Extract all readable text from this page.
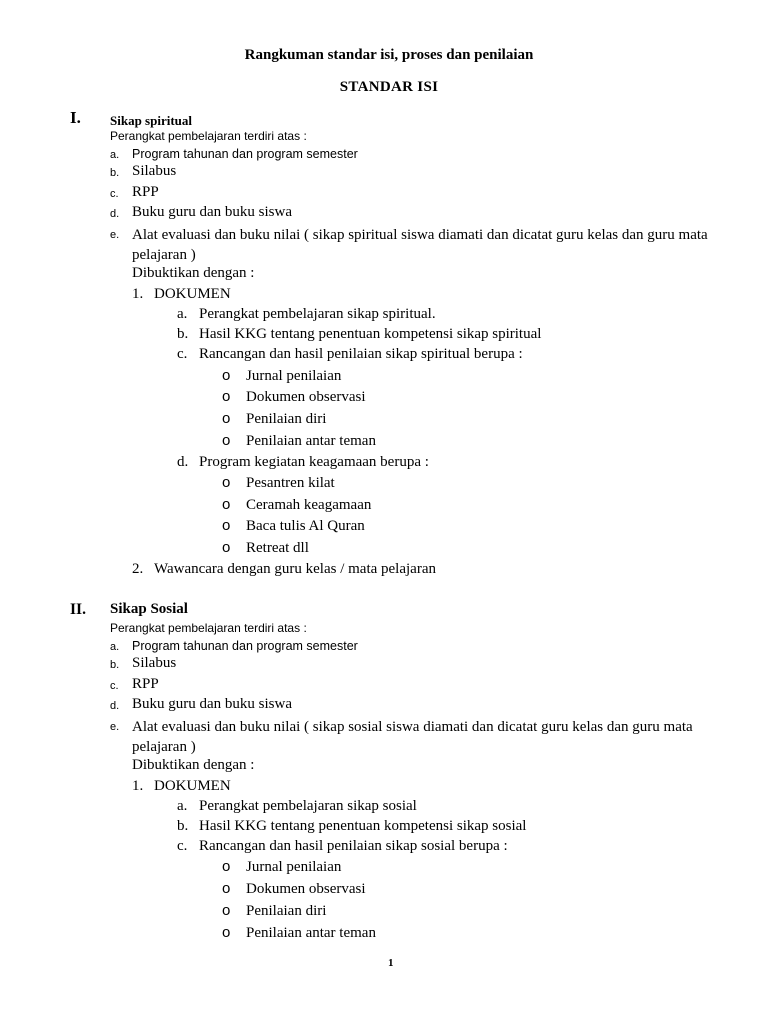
Rangkuman standar isi, proses dan penilaian
STANDAR ISI
I. Sikap spiritual
Perangkat pembelajaran terdiri atas :
a. Program tahunan dan program semester
b. Silabus
c. RPP
d. Buku guru dan buku siswa
e. Alat evaluasi dan buku nilai ( sikap spiritual siswa diamati dan dicatat guru kelas dan guru mata pelajaran )
Dibuktikan dengan :
1. DOKUMEN
a. Perangkat pembelajaran sikap spiritual.
b. Hasil KKG tentang penentuan kompetensi sikap spiritual
c. Rancangan dan hasil penilaian sikap spiritual berupa :
o Jurnal penilaian
o Dokumen observasi
o Penilaian diri
o Penilaian antar teman
d. Program kegiatan keagamaan berupa :
o Pesantren kilat
o Ceramah keagamaan
o Baca tulis Al Quran
o Retreat dll
2. Wawancara dengan guru kelas / mata pelajaran
II. Sikap Sosial
Perangkat pembelajaran terdiri atas :
a. Program tahunan dan program semester
b. Silabus
c. RPP
d. Buku guru dan buku siswa
e. Alat evaluasi dan buku nilai ( sikap sosial siswa diamati dan dicatat guru kelas dan guru mata pelajaran )
Dibuktikan dengan :
1. DOKUMEN
a. Perangkat pembelajaran sikap sosial
b. Hasil KKG tentang penentuan kompetensi sikap sosial
c. Rancangan dan hasil penilaian sikap sosial berupa :
o Jurnal penilaian
o Dokumen observasi
o Penilaian diri
o Penilaian antar teman
1
